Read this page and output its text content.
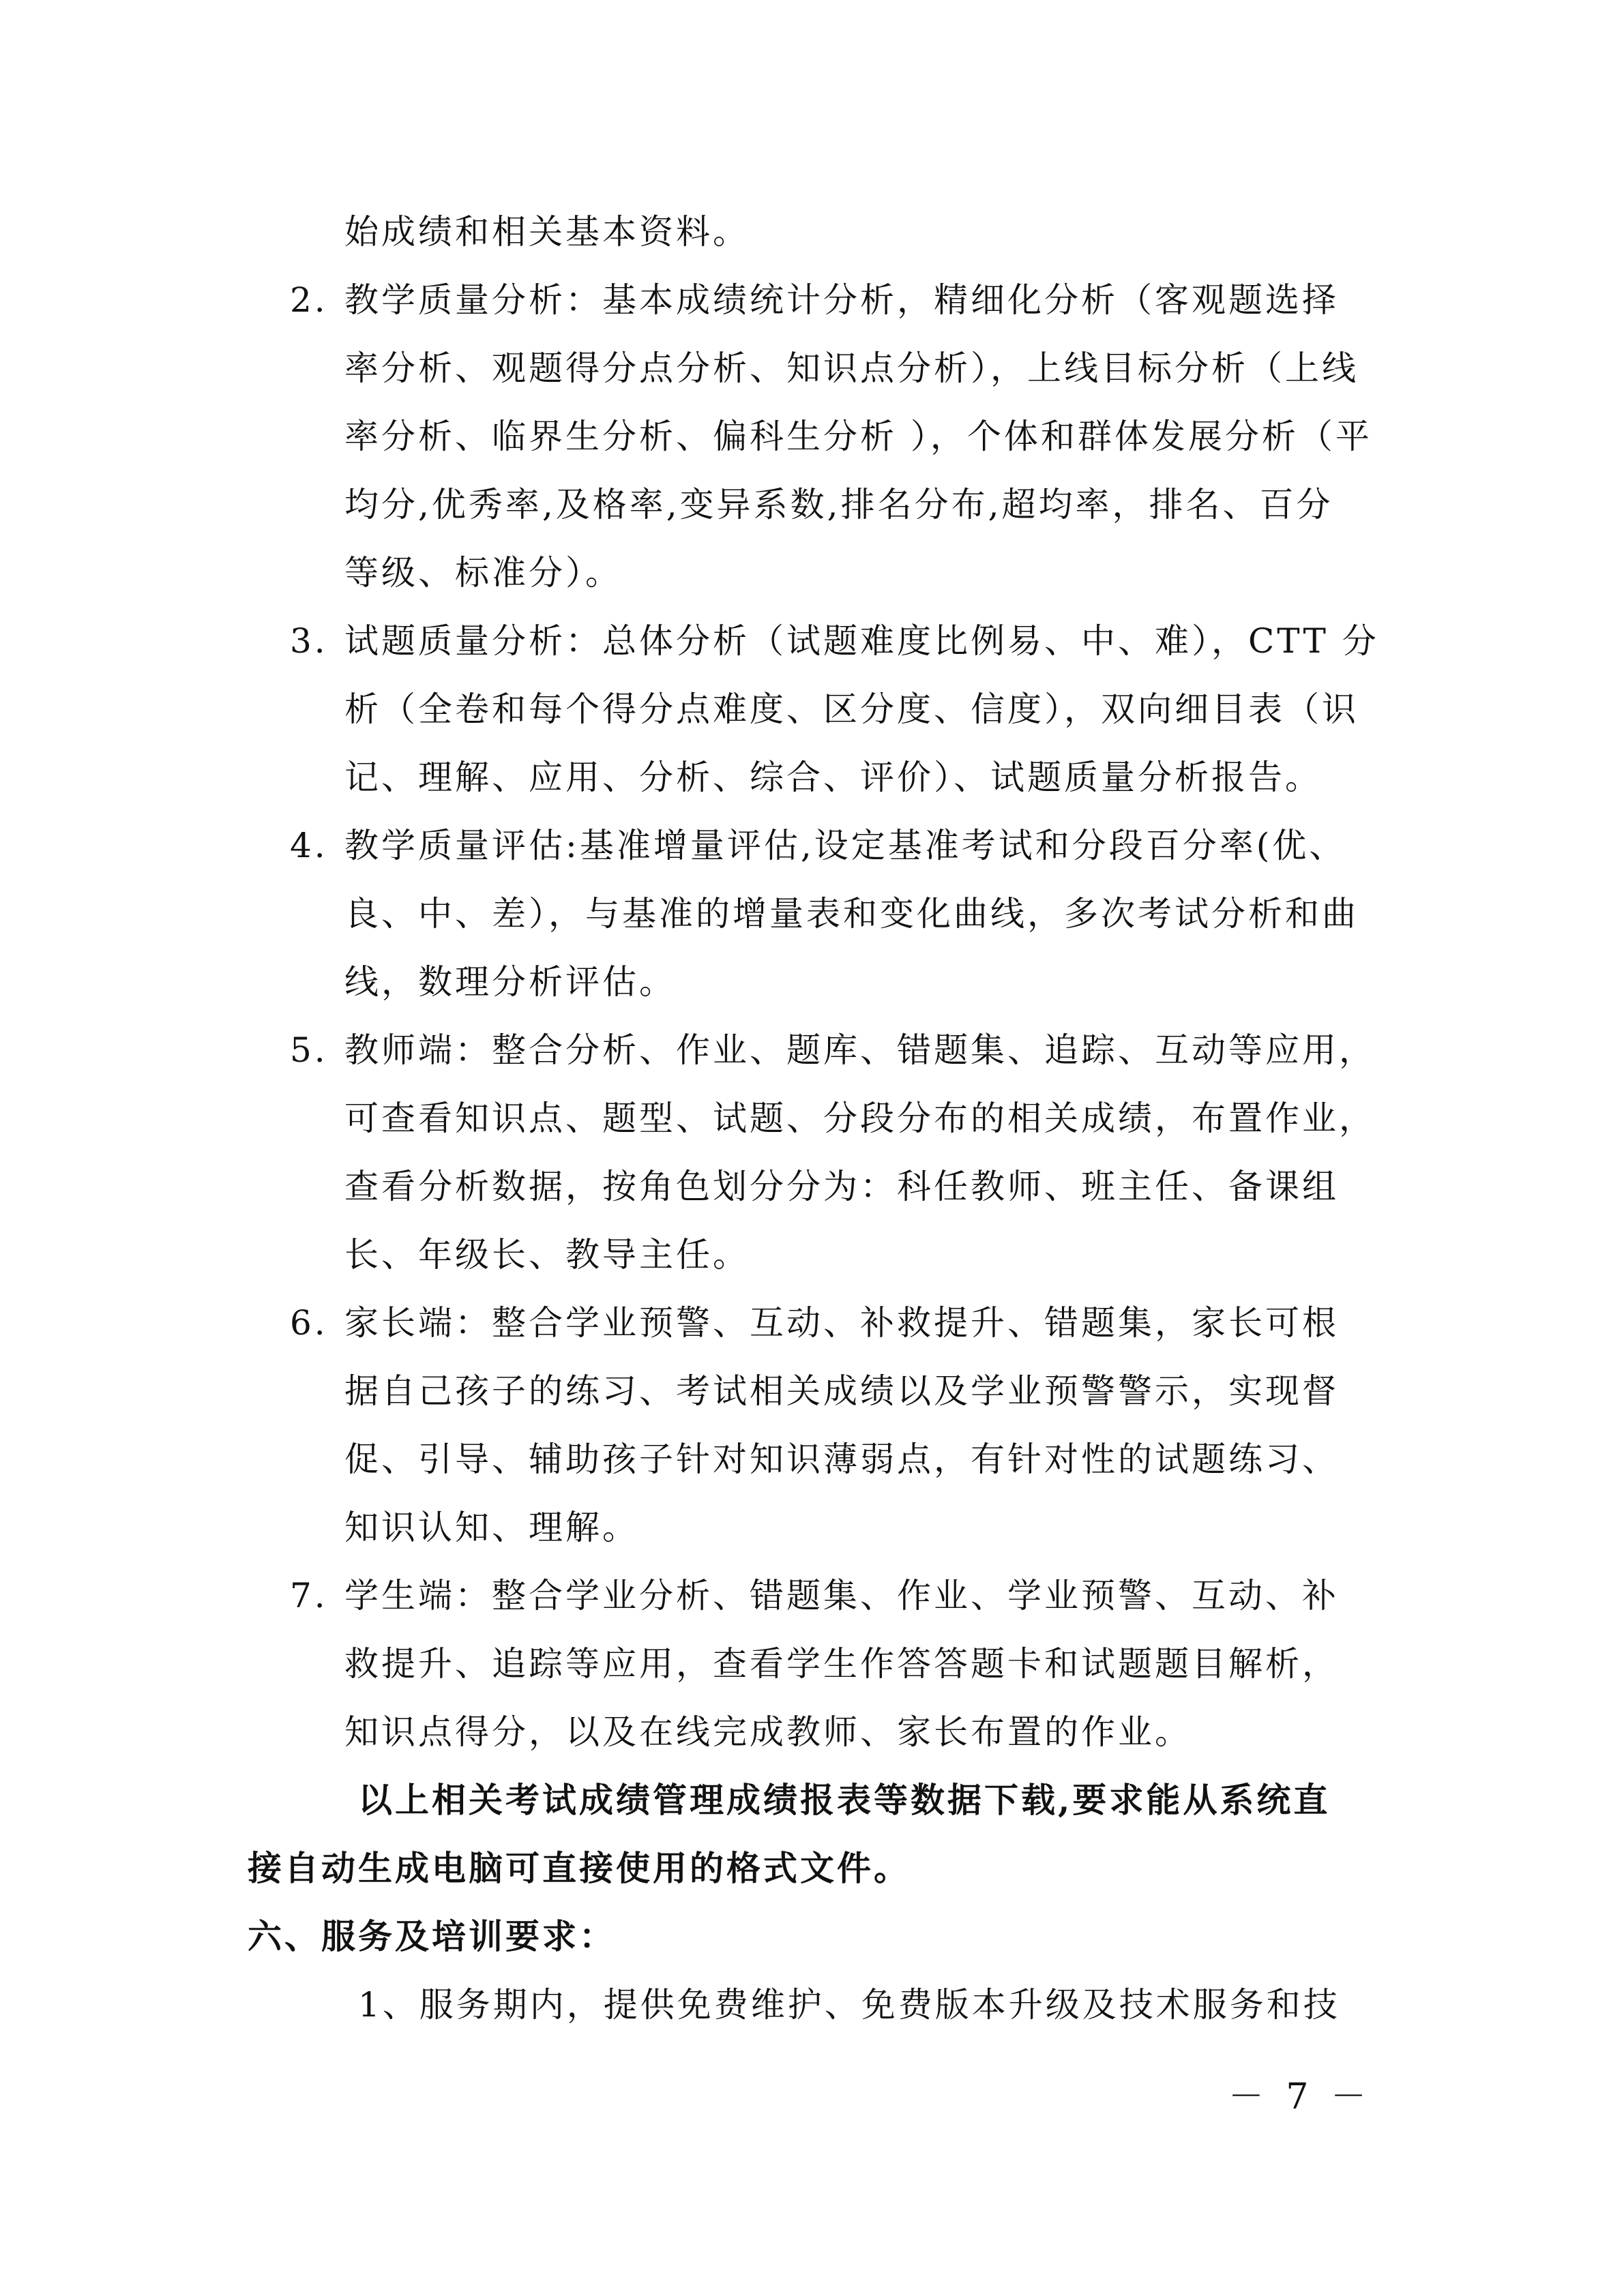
始成绩和相关基本资料。
2. 教学质量分析：基本成绩统计分析，精细化分析（客观题选择
率分析、观题得分点分析、知识点分析），上线目标分析（上线
率分析、临界生分析、偏科生分析 ），个体和群体发展分析（平
均分,优秀率,及格率,变异系数,排名分布,超均率，排名、百分
等级、标准分）。
3. 试题质量分析：总体分析（试题难度比例易、中、难），CTT 分
析（全卷和每个得分点难度、区分度、信度），双向细目表（识
记、理解、应用、分析、综合、评价）、试题质量分析报告。
4. 教学质量评估:基准增量评估,设定基准考试和分段百分率(优、
良、中、差），与基准的增量表和变化曲线，多次考试分析和曲
线，数理分析评估。
5. 教师端：整合分析、作业、题库、错题集、追踪、互动等应用，
可查看知识点、题型、试题、分段分布的相关成绩，布置作业，
查看分析数据，按角色划分分为：科任教师、班主任、备课组
长、年级长、教导主任。
6. 家长端：整合学业预警、互动、补救提升、错题集，家长可根
据自己孩子的练习、考试相关成绩以及学业预警警示，实现督
促、引导、辅助孩子针对知识薄弱点，有针对性的试题练习、
知识认知、理解。
7. 学生端：整合学业分析、错题集、作业、学业预警、互动、补
救提升、追踪等应用，查看学生作答答题卡和试题题目解析，
知识点得分，以及在线完成教师、家长布置的作业。
以上相关考试成绩管理成绩报表等数据下载,要求能从系统直
接自动生成电脑可直接使用的格式文件。
六、服务及培训要求：
1、服务期内，提供免费维护、免费版本升级及技术服务和技
－ 7 －
